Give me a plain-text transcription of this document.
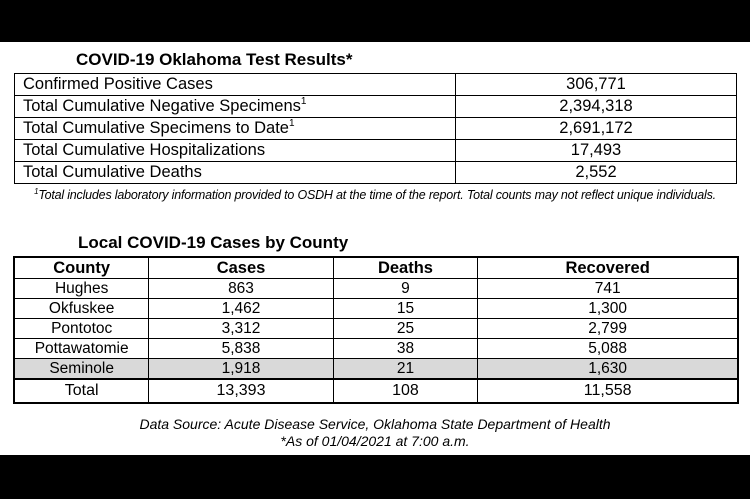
COVID-19 Oklahoma Test Results*
Confirmed Positive Cases	306,771
Total Cumulative Negative Specimens$^1$	2,394,318
Total Cumulative Specimens to Date$^1$	2,691,172
Total Cumulative Hospitalizations	17,493
Total Cumulative Deaths	2,552
$^1$Total includes laboratory information provided to OSDH at the time of the report. Total counts may not reflect unique individuals.
Local COVID-19 Cases by County
County	Cases	Deaths	Recovered
Hughes	863	9	741
Okfuskee	1,462	15	1,300
Pontotoc	3,312	25	2,799
Pottawatomie	5,838	38	5,088
Seminole	1,918	21	1,630
Total	13,393	108	11,558
Data Source: Acute Disease Service, Oklahoma State Department of Health
*As of 01/04/2021 at 7:00 a.m.
